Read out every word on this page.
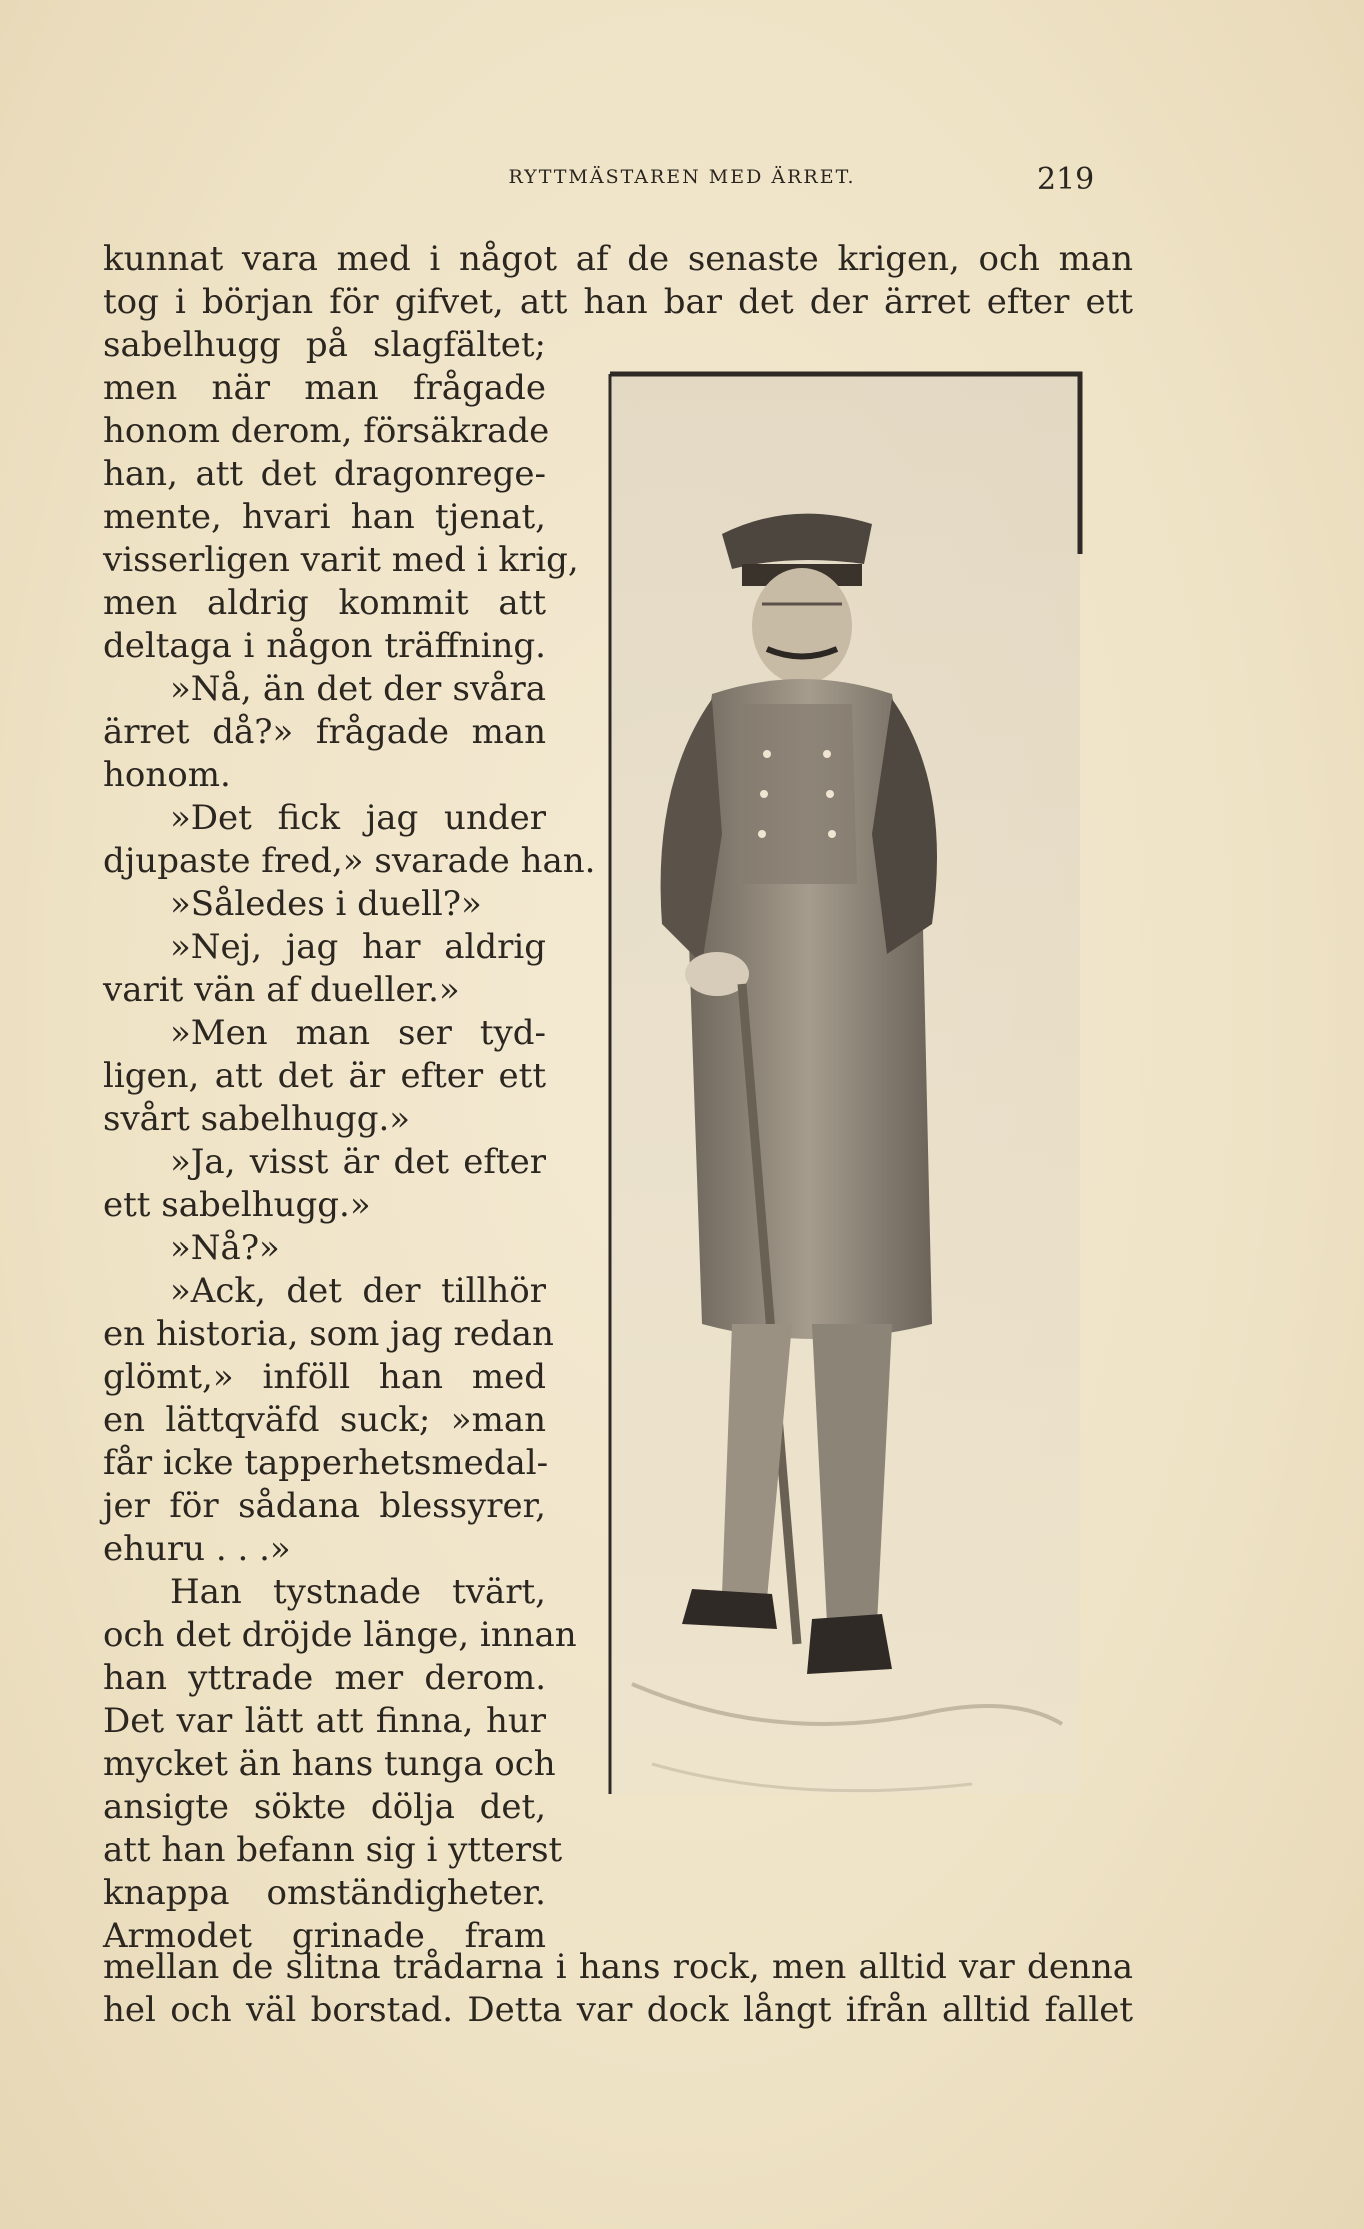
RYTTMÄSTAREN MED ÄRRET.	219
kunnat vara med i något af de senaste krigen, och man
tog i början för gifvet, att han bar det der ärret efter ett
sabelhugg på slagfältet;
men när man frågade
honom derom, försäkrade
han, att det dragonrege-
mente, hvari han tjenat,
visserligen varit med i krig,
men aldrig kommit att
deltaga i någon träffning.
»Nå, än det der svåra
ärret då?» frågade man
honom.
»Det fick jag under
djupaste fred,» svarade han.
»Således i duell?»
»Nej, jag har aldrig
varit vän af dueller.»
»Men man ser tyd-
ligen, att det är efter ett
svårt sabelhugg.»
»Ja, visst är det efter
ett sabelhugg.»
»Nå?»
»Ack, det der tillhör
en historia, som jag redan
glömt,» inföll han med
en lättqväfd suck; »man
får icke tapperhetsmedal-
jer för sådana blessyrer,
ehuru . . .»
Han tystnade tvärt,
och det dröjde länge, innan
han yttrade mer derom.
Det var lätt att finna, hur
mycket än hans tunga och
ansigte sökte dölja det,
att han befann sig i ytterst
knappa omständigheter.
Armodet grinade fram
mellan de slitna trådarna i hans rock, men alltid var denna
hel och väl borstad. Detta var dock långt ifrån alltid fallet
